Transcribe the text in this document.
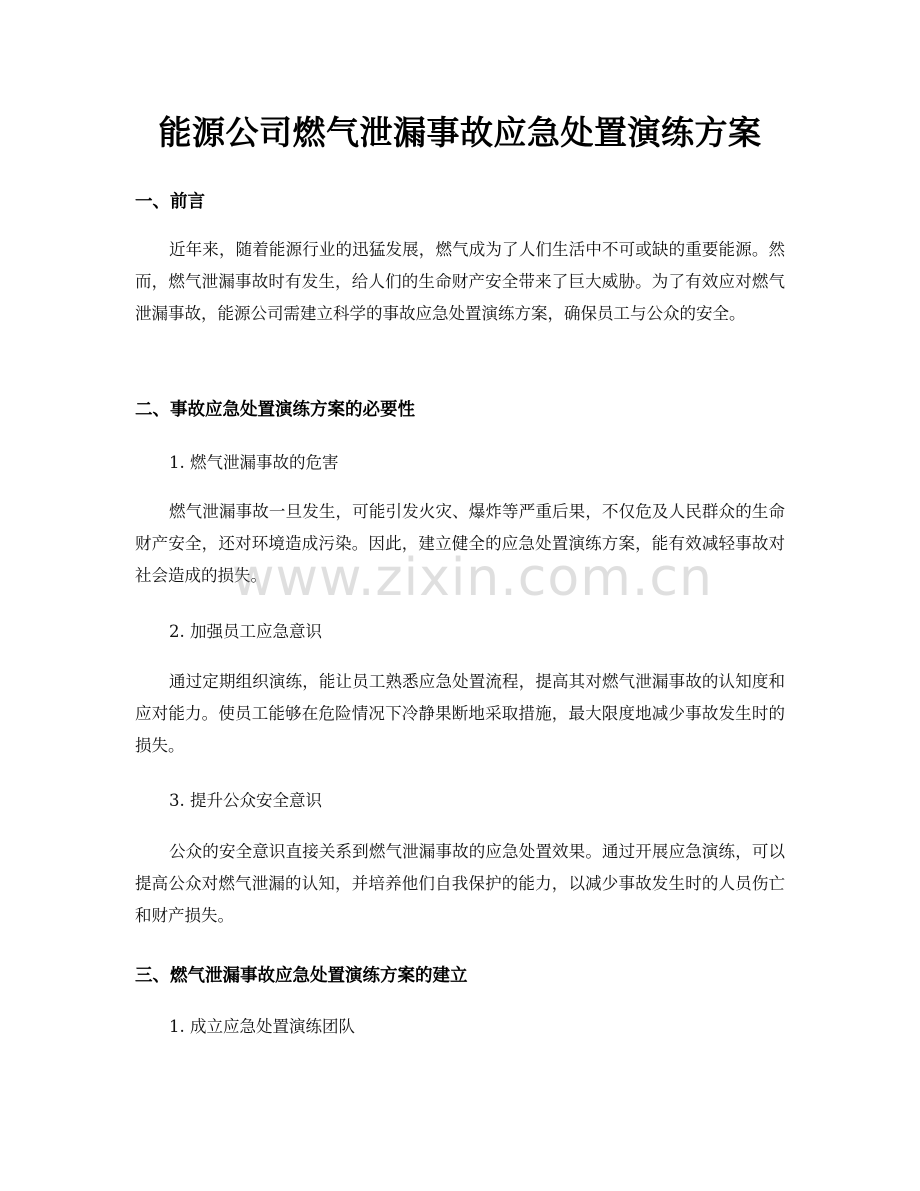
能源公司燃气泄漏事故应急处置演练方案
一、前言

近年来，随着能源行业的迅猛发展，燃气成为了人们生活中不可或缺的重要能源。然而，燃气泄漏事故时有发生，给人们的生命财产安全带来了巨大威胁。为了有效应对燃气泄漏事故，能源公司需建立科学的事故应急处置演练方案，确保员工与公众的安全。

二、事故应急处置演练方案的必要性
1. 燃气泄漏事故的危害

燃气泄漏事故一旦发生，可能引发火灾、爆炸等严重后果，不仅危及人民群众的生命财产安全，还对环境造成污染。因此，建立健全的应急处置演练方案，能有效减轻事故对社会造成的损失。

2. 加强员工应急意识

通过定期组织演练，能让员工熟悉应急处置流程，提高其对燃气泄漏事故的认知度和应对能力。使员工能够在危险情况下冷静果断地采取措施，最大限度地减少事故发生时的损失。

3. 提升公众安全意识

公众的安全意识直接关系到燃气泄漏事故的应急处置效果。通过开展应急演练，可以提高公众对燃气泄漏的认知，并培养他们自我保护的能力，以减少事故发生时的人员伤亡和财产损失。

三、燃气泄漏事故应急处置演练方案的建立
1. 成立应急处置演练团队
www.zixin.com.cn
